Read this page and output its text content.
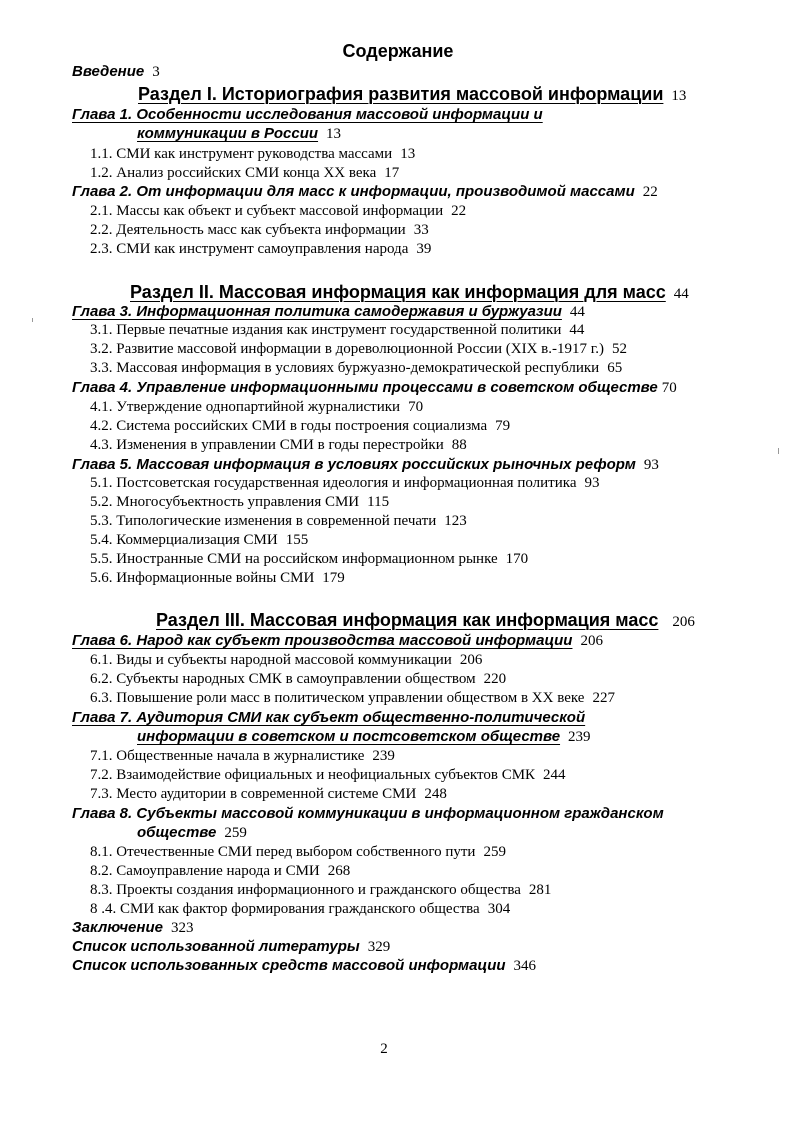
Содержание
Введение 3
Раздел I. Историография развития массовой информации 13
Глава 1. Особенности исследования массовой информации и
коммуникации в России 13
1.1. СМИ как инструмент руководства массами 13
1.2. Анализ российских СМИ конца XX века 17
Глава 2. От информации для масс к информации, производимой массами 22
2.1. Массы как объект и субъект массовой информации 22
2.2. Деятельность масс как субъекта информации 33
2.3. СМИ как инструмент самоуправления народа 39
Раздел II. Массовая информация как информация для масс 44
Глава 3. Информационная политика самодержавия и буржуазии 44
3.1. Первые печатные издания как инструмент государственной политики 44
3.2. Развитие массовой информации в дореволюционной России (XIX в.-1917 г.) 52
3.3. Массовая информация в условиях буржуазно-демократической республики 65
Глава 4. Управление информационными процессами в советском обществе 70
4.1. Утверждение однопартийной журналистики 70
4.2. Система российских СМИ в годы построения социализма 79
4.3. Изменения в управлении СМИ в годы перестройки 88
Глава 5. Массовая информация в условиях российских рыночных реформ 93
5.1. Постсоветская государственная идеология и информационная политика 93
5.2. Многосубъектность управления СМИ 115
5.3. Типологические изменения в современной печати 123
5.4. Коммерциализация СМИ 155
5.5. Иностранные СМИ на российском информационном рынке 170
5.6. Информационные войны СМИ 179
Раздел III. Массовая информация как информация масс 206
Глава 6. Народ как субъект производства массовой информации 206
6.1. Виды и субъекты народной массовой коммуникации 206
6.2. Субъекты народных СМК в самоуправлении обществом 220
6.3. Повышение роли масс в политическом управлении обществом в XX веке 227
Глава 7. Аудитория СМИ как субъект общественно-политической
информации в советском и постсоветском обществе 239
7.1. Общественные начала в журналистике 239
7.2. Взаимодействие официальных и неофициальных субъектов СМК 244
7.3. Место аудитории в современной системе СМИ 248
Глава 8. Субъекты массовой коммуникации в информационном гражданском
обществе 259
8.1. Отечественные СМИ перед выбором собственного пути 259
8.2. Самоуправление народа и СМИ 268
8.3. Проекты создания информационного и гражданского общества 281
8 .4. СМИ как фактор формирования гражданского общества 304
Заключение 323
Список использованной литературы 329
Список использованных средств массовой информации 346
2
